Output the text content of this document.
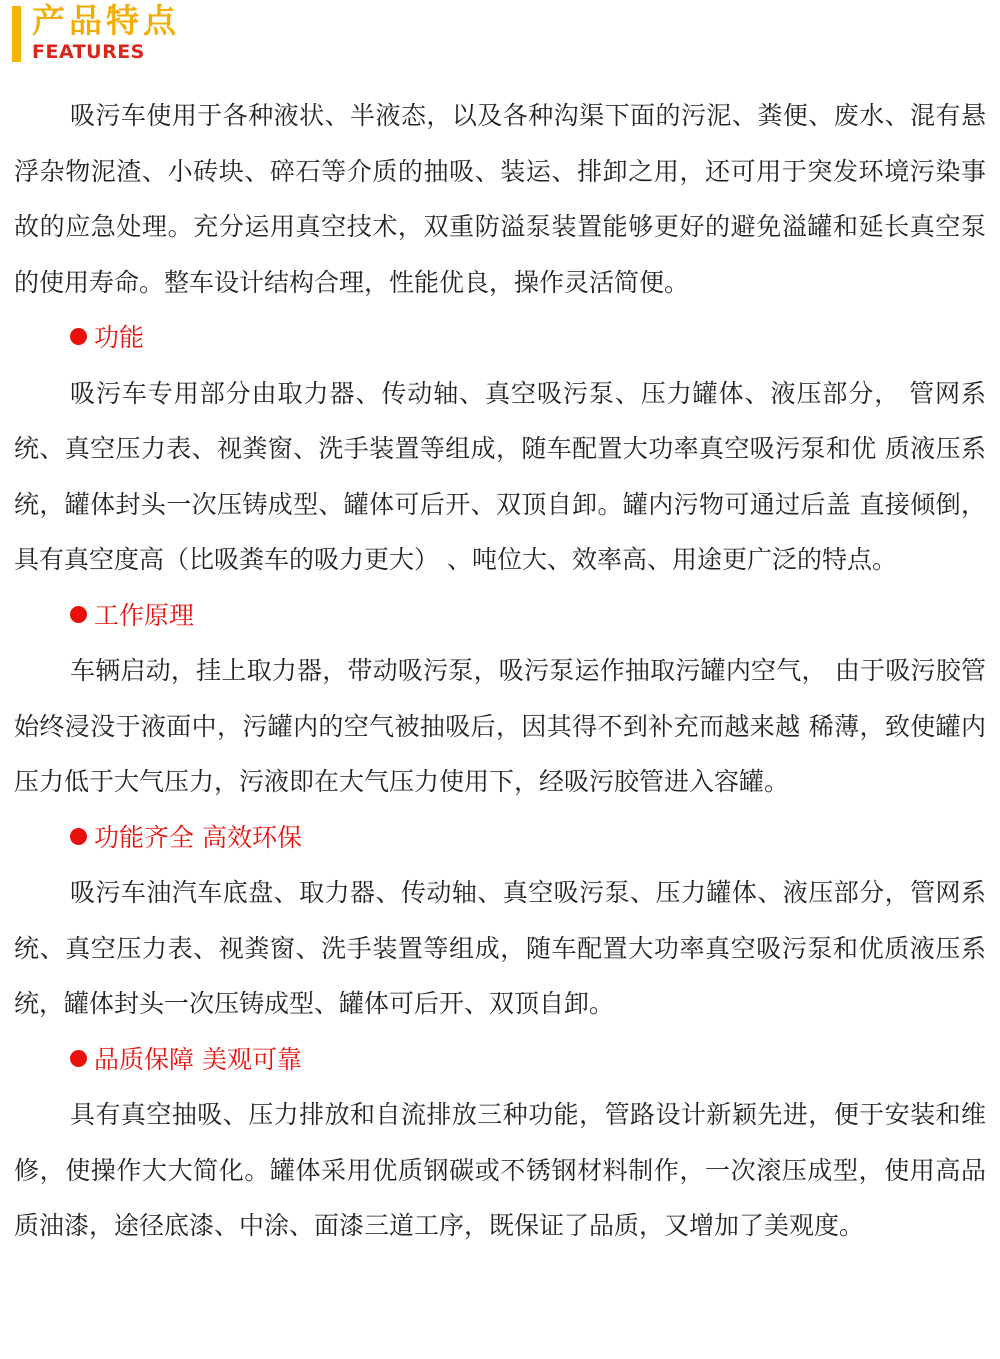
产品特点
FEATURES

吸污车使用于各种液状、半液态，以及各种沟渠下面的污泥、粪便、废水、混有悬浮杂物泥渣、小砖块、碎石等介质的抽吸、装运、排卸之用，还可用于突发环境污染事故的应急处理。充分运用真空技术，双重防溢泵装置能够更好的避免溢罐和延长真空泵的使用寿命。整车设计结构合理，性能优良，操作灵活简便。

功能

吸污车专用部分由取力器、传动轴、真空吸污泵、压力罐体、液压部分， 管网系统、真空压力表、视粪窗、洗手装置等组成，随车配置大功率真空吸污泵和优 质液压系统，罐体封头一次压铸成型、罐体可后开、双顶自卸。罐内污物可通过后盖 直接倾倒，具有真空度高（比吸粪车的吸力更大） 、吨位大、效率高、用途更广泛的特点。

工作原理

车辆启动，挂上取力器，带动吸污泵，吸污泵运作抽取污罐内空气， 由于吸污胶管始终浸没于液面中，污罐内的空气被抽吸后，因其得不到补充而越来越 稀薄，致使罐内压力低于大气压力，污液即在大气压力使用下，经吸污胶管进入容罐。

功能齐全 高效环保

吸污车油汽车底盘、取力器、传动轴、真空吸污泵、压力罐体、液压部分，管网系统、真空压力表、视粪窗、洗手装置等组成，随车配置大功率真空吸污泵和优质液压系统，罐体封头一次压铸成型、罐体可后开、双顶自卸。

品质保障 美观可靠

具有真空抽吸、压力排放和自流排放三种功能，管路设计新颖先进，便于安装和维修，使操作大大简化。罐体采用优质钢碳或不锈钢材料制作，一次滚压成型，使用高品质油漆，途径底漆、中涂、面漆三道工序，既保证了品质，又增加了美观度。
